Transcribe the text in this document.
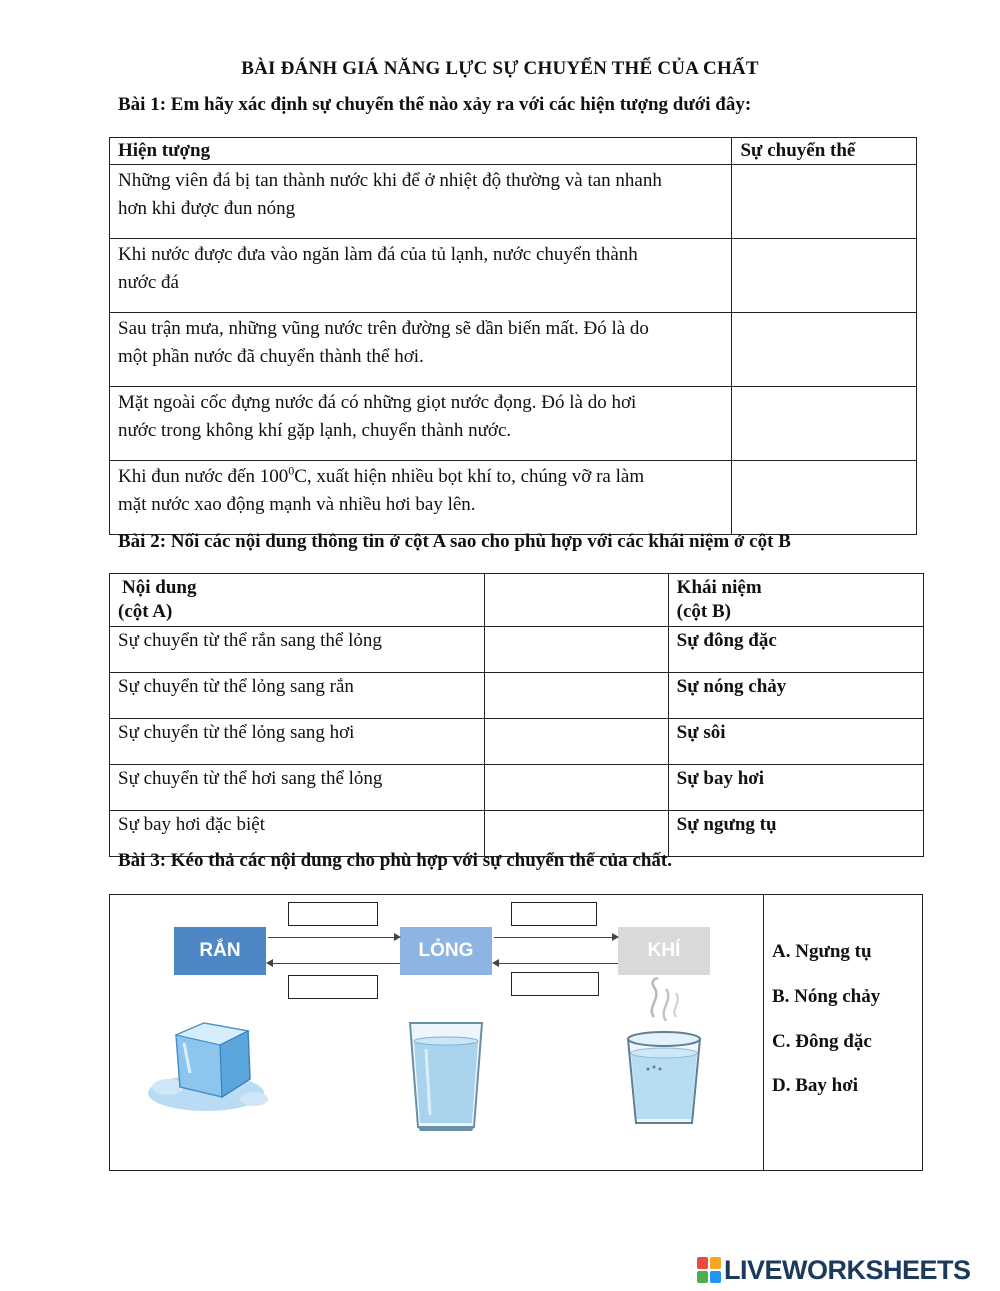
BÀI ĐÁNH GIÁ NĂNG LỰC SỰ CHUYỂN THỂ CỦA CHẤT
Bài 1: Em hãy xác định sự chuyển thể nào xảy ra với các hiện tượng dưới đây:
Hiện tượng	Sự chuyển thể
Những viên đá bị tan thành nước khi để ở nhiệt độ thường và tan nhanh
hơn khi được đun nóng	
Khi nước được đưa vào ngăn làm đá của tủ lạnh, nước chuyển thành
nước đá	
Sau trận mưa, những vũng nước trên đường sẽ dần biến mất. Đó là do
một phần nước đã chuyển thành thể hơi.	
Mặt ngoài cốc đựng nước đá có những giọt nước đọng. Đó là do hơi
nước trong không khí gặp lạnh, chuyển thành nước.	
Khi đun nước đến $100^0C$, xuất hiện nhiều bọt khí to, chúng vỡ ra làm
mặt nước xao động mạnh và nhiều hơi bay lên.	
Bài 2: Nối các nội dung thông tin ở cột A sao cho phù hợp với các khái niệm ở cột B
Nội dung
(cột A)		Khái niệm
(cột B)
Sự chuyển từ thể rắn sang thể lỏng		Sự đông đặc
Sự chuyển từ thể lỏng sang rắn		Sự nóng chảy
Sự chuyển từ thể lỏng sang hơi		Sự sôi
Sự chuyển từ thể hơi sang thể lỏng		Sự bay hơi
Sự bay hơi đặc biệt		Sự ngưng tụ
Bài 3: Kéo thả các nội dung cho phù hợp với sự chuyển thể của chất.
RẮN	LỎNG	KHÍ	A. Ngưng tụ
B. Nóng chảy
C. Đông đặc
D. Bay hơi
LIVEWORKSHEETS
